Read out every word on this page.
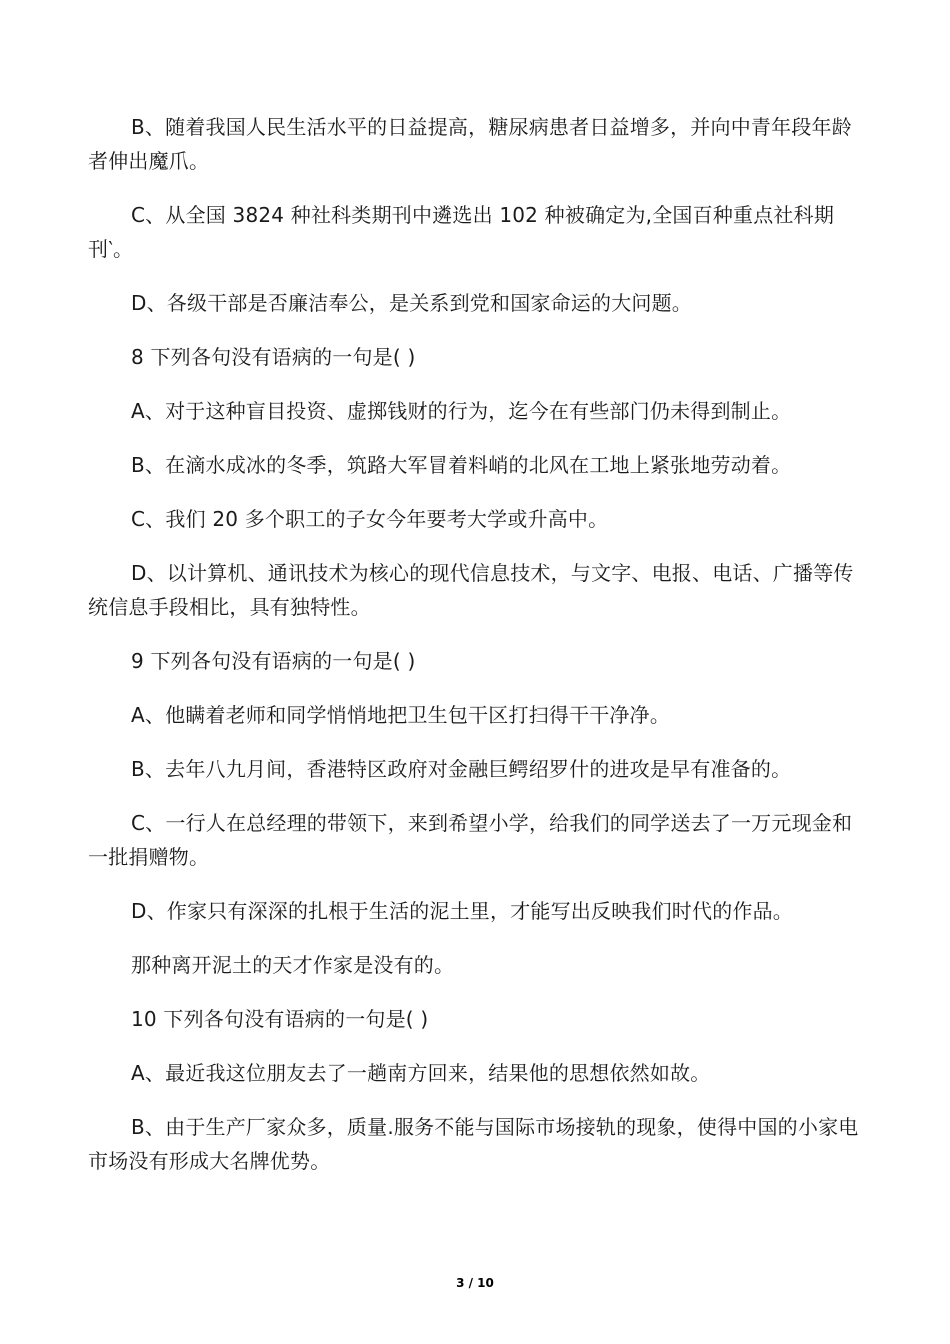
B、随着我国人民生活水平的日益提高，糖尿病患者日益增多，并向中青年段年龄者伸出魔爪。

C、从全国 3824 种社科类期刊中遴选出 102 种被确定为,全国百种重点社科期刊‵。

D、各级干部是否廉洁奉公，是关系到党和国家命运的大问题。

8 下列各句没有语病的一句是( )

A、对于这种盲目投资、虚掷钱财的行为，迄今在有些部门仍未得到制止。

B、在滴水成冰的冬季，筑路大军冒着料峭的北风在工地上紧张地劳动着。

C、我们 20 多个职工的子女今年要考大学或升高中。

D、以计算机、通讯技术为核心的现代信息技术，与文字、电报、电话、广播等传统信息手段相比，具有独特性。

9 下列各句没有语病的一句是( )

A、他瞒着老师和同学悄悄地把卫生包干区打扫得干干净净。

B、去年八九月间，香港特区政府对金融巨鳄绍罗什的进攻是早有准备的。

C、一行人在总经理的带领下，来到希望小学，给我们的同学送去了一万元现金和一批捐赠物。

D、作家只有深深的扎根于生活的泥土里，才能写出反映我们时代的作品。

那种离开泥土的天才作家是没有的。

10 下列各句没有语病的一句是( )

A、最近我这位朋友去了一趟南方回来，结果他的思想依然如故。

B、由于生产厂家众多，质量.服务不能与国际市场接轨的现象，使得中国的小家电市场没有形成大名牌优势。

3 / 10
